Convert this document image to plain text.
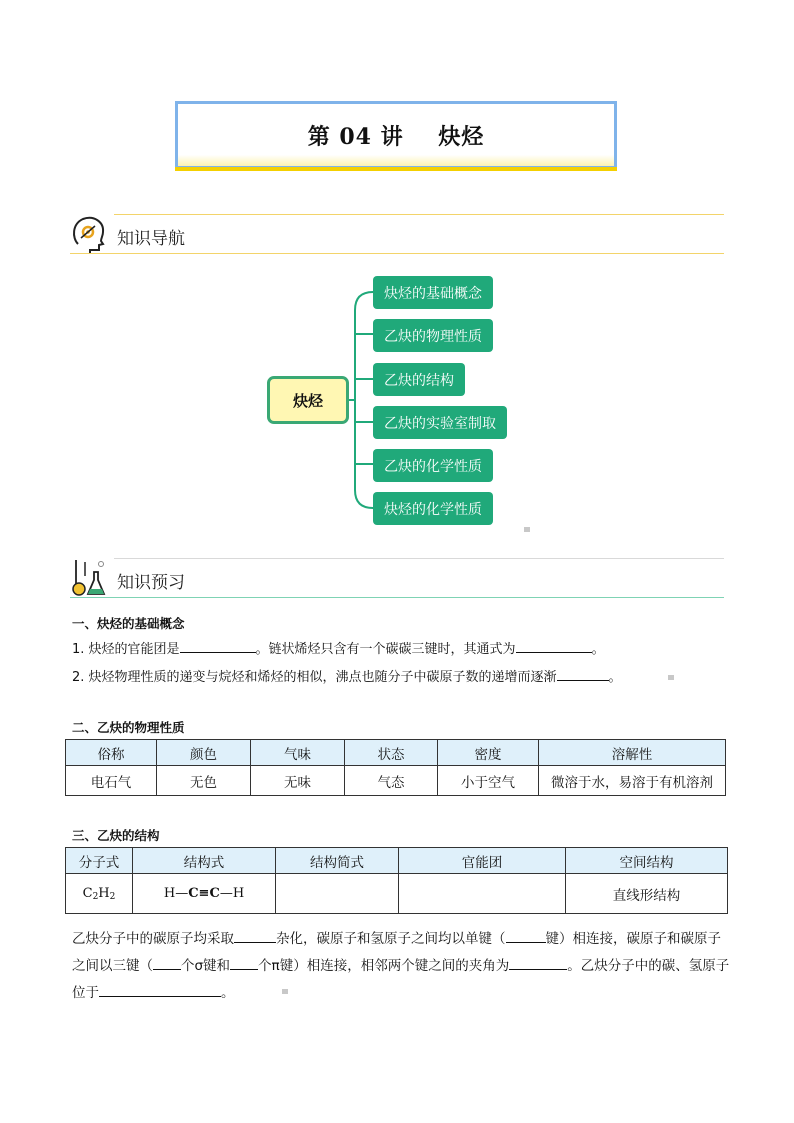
第 04 讲    炔烃
知识导航
炔烃
炔烃的基础概念
乙炔的物理性质
乙炔的结构
乙炔的实验室制取
乙炔的化学性质
炔烃的化学性质
知识预习
一、炔烃的基础概念
1. 炔烃的官能团是	。链状烯烃只含有一个碳碳三键时，其通式为	。
2. 炔烃物理性质的递变与烷烃和烯烃的相似，沸点也随分子中碳原子数的递增而逐渐	。
二、乙炔的物理性质
俗称	颜色	气味	状态	密度	溶解性
电石气	无色	无味	气态	小于空气	微溶于水，易溶于有机溶剂
三、乙炔的结构
分子式	结构式	结构简式	官能团	空间结构
$C_2H_2$	H—C≡C—H			直线形结构
乙炔分子中的碳原子均采取	杂化，碳原子和氢原子之间均以单键（	键）相连接，碳原子和碳原子之间以三键（ 个σ键和 个π键）相连接，相邻两个键之间的夹角为	。乙炔分子中的碳、氢原子位于	。
